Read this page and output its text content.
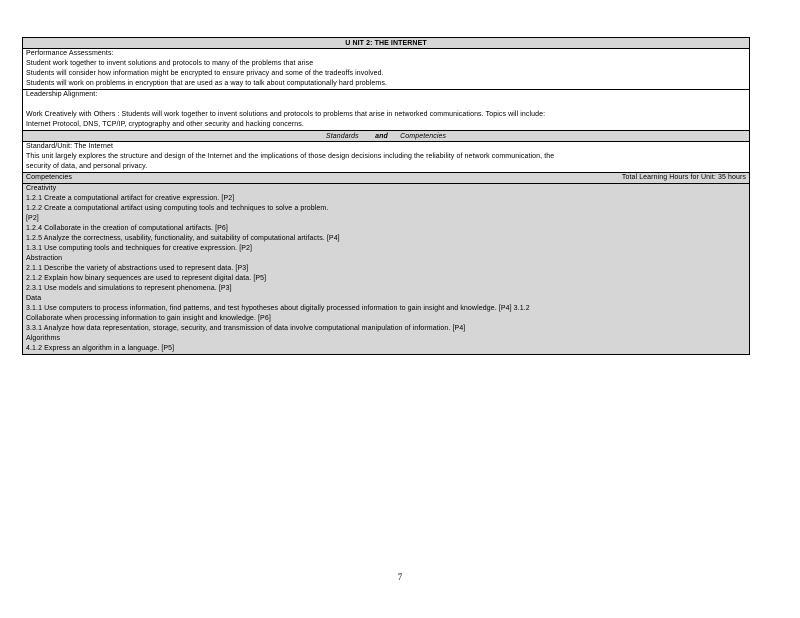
U NIT 2: THE INTERNET
Performance Assessments:
Student work together to invent solutions and protocols to many of the problems that arise
Students will consider how information might be encrypted to ensure privacy and some of the tradeoffs involved.
Students will work on problems in encryption that are used as a way to talk about computationally hard problems.
Leadership Alignment:
Work Creatively with Others : Students will work together to invent solutions and protocols to problems that arise in networked communications. Topics will include:
Internet Protocol, DNS, TCP/IP, cryptography and other security and hacking concerns.
Standards and Competencies
Standard/Unit: The Internet
This unit largely explores the structure and design of the Internet and the implications of those design decisions including the reliability of network communication, the
security of data, and personal privacy.
Competencies	Total Learning Hours for Unit: 35 hours
Creativity
1.2.1 Create a computational artifact for creative expression. [P2]
1.2.2 Create a computational artifact using computing tools and techniques to solve a problem.
[P2]
1.2.4 Collaborate in the creation of computational artifacts. [P6]
1.2.5 Analyze the correctness, usability, functionality, and suitability of computational artifacts. [P4]
1.3.1 Use computing tools and techniques for creative expression. [P2]
Abstraction
2.1.1 Describe the variety of abstractions used to represent data. [P3]
2.1.2 Explain how binary sequences are used to represent digital data. [P5]
2.3.1 Use models and simulations to represent phenomena. [P3]
Data
3.1.1 Use computers to process information, find patterns, and test hypotheses about digitally processed information to gain insight and knowledge. [P4] 3.1.2
Collaborate when processing information to gain insight and knowledge. [P6]
3.3.1 Analyze how data representation, storage, security, and transmission of data involve computational manipulation of information. [P4]
Algorithms
4.1.2 Express an algorithm in a language. [P5]
7
